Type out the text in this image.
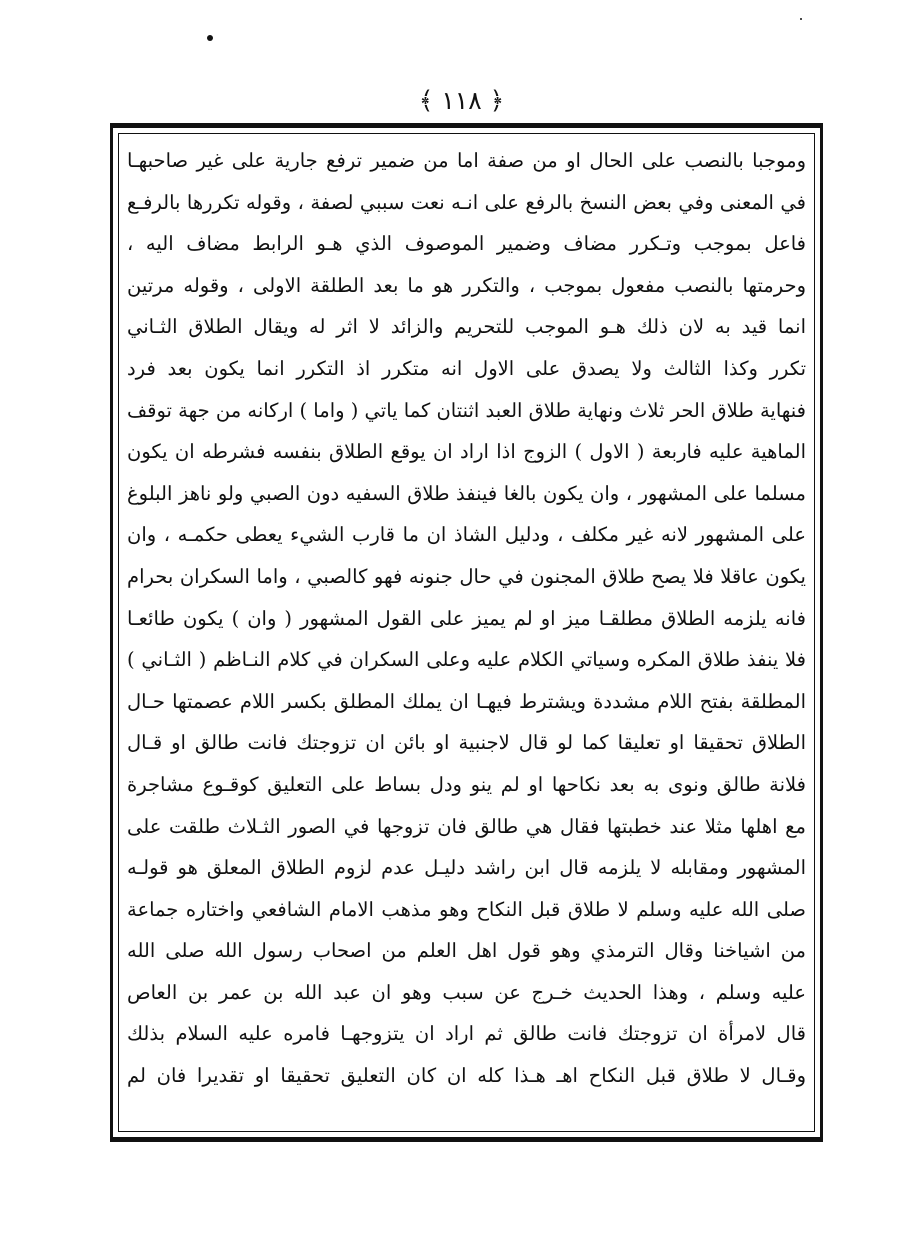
﴿ ١١٨ ﴾
وموجبا بالنصب على الحال او من صفة اما من ضمير ترفع جارية على غير صاحبهـا
في المعنى وفي بعض النسخ بالرفع على انـه نعت سببي لصفة ، وقوله تكررها بالرفـع
فاعل بموجب وتـكرر مضاف وضمير الموصوف الذي هـو الرابط مضاف اليه ،
وحرمتها بالنصب مفعول بموجب ، والتكرر هو ما بعد الطلقة الاولى ، وقوله مرتين
انما قيد به لان ذلك هـو الموجب للتحريم والزائد لا اثر له ويقال الطلاق الثـاني
تكرر وكذا الثالث ولا يصدق على الاول انه متكرر اذ التكرر انما يكون بعد فرد
فنهاية طلاق الحر ثلاث ونهاية طلاق العبد اثنتان كما ياتي ( واما ) اركانه من جهة توقف
الماهية عليه فاربعة ( الاول ) الزوج اذا اراد ان يوقع الطلاق بنفسه فشرطه ان يكون
مسلما على المشهور ، وان يكون بالغا فينفذ طلاق السفيه دون الصبي ولو ناهز البلوغ
على المشهور لانه غير مكلف ، ودليل الشاذ ان ما قارب الشيء يعطى حكمـه ، وان
يكون عاقلا فلا يصح طلاق المجنون في حال جنونه فهو كالصبي ، واما السكران بحرام
فانه يلزمه الطلاق مطلقـا ميز او لم يميز على القول المشهور ( وان ) يكون طائعـا
فلا ينفذ طلاق المكره وسياتي الكلام عليه وعلى السكران في كلام النـاظم ( الثـاني )
المطلقة بفتح اللام مشددة ويشترط فيهـا ان يملك المطلق بكسر اللام عصمتها حـال
الطلاق تحقيقا او تعليقا كما لو قال لاجنبية او بائن ان تزوجتك فانت طالق او قـال
فلانة طالق ونوى به بعد نكاحها او لم ينو ودل بساط على التعليق كوقـوع مشاجرة
مع اهلها مثلا عند خطبتها فقال هي طالق فان تزوجها في الصور الثـلاث طلقت على
المشهور ومقابله لا يلزمه قال ابن راشد دليـل عدم لزوم الطلاق المعلق هو قولـه
صلى الله عليه وسلم لا طلاق قبل النكاح وهو مذهب الامام الشافعي واختاره جماعة
من اشياخنا وقال الترمذي وهو قول اهل العلم من اصحاب رسول الله صلى الله
عليه وسلم ، وهذا الحديث خـرج عن سبب وهو ان عبد الله بن عمر بن العاص
قال لامرأة ان تزوجتك فانت طالق ثم اراد ان يتزوجهـا فامره عليه السلام بذلك
وقـال لا طلاق قبل النكاح اهـ هـذا كله ان كان التعليق تحقيقا او تقديرا فان لم
